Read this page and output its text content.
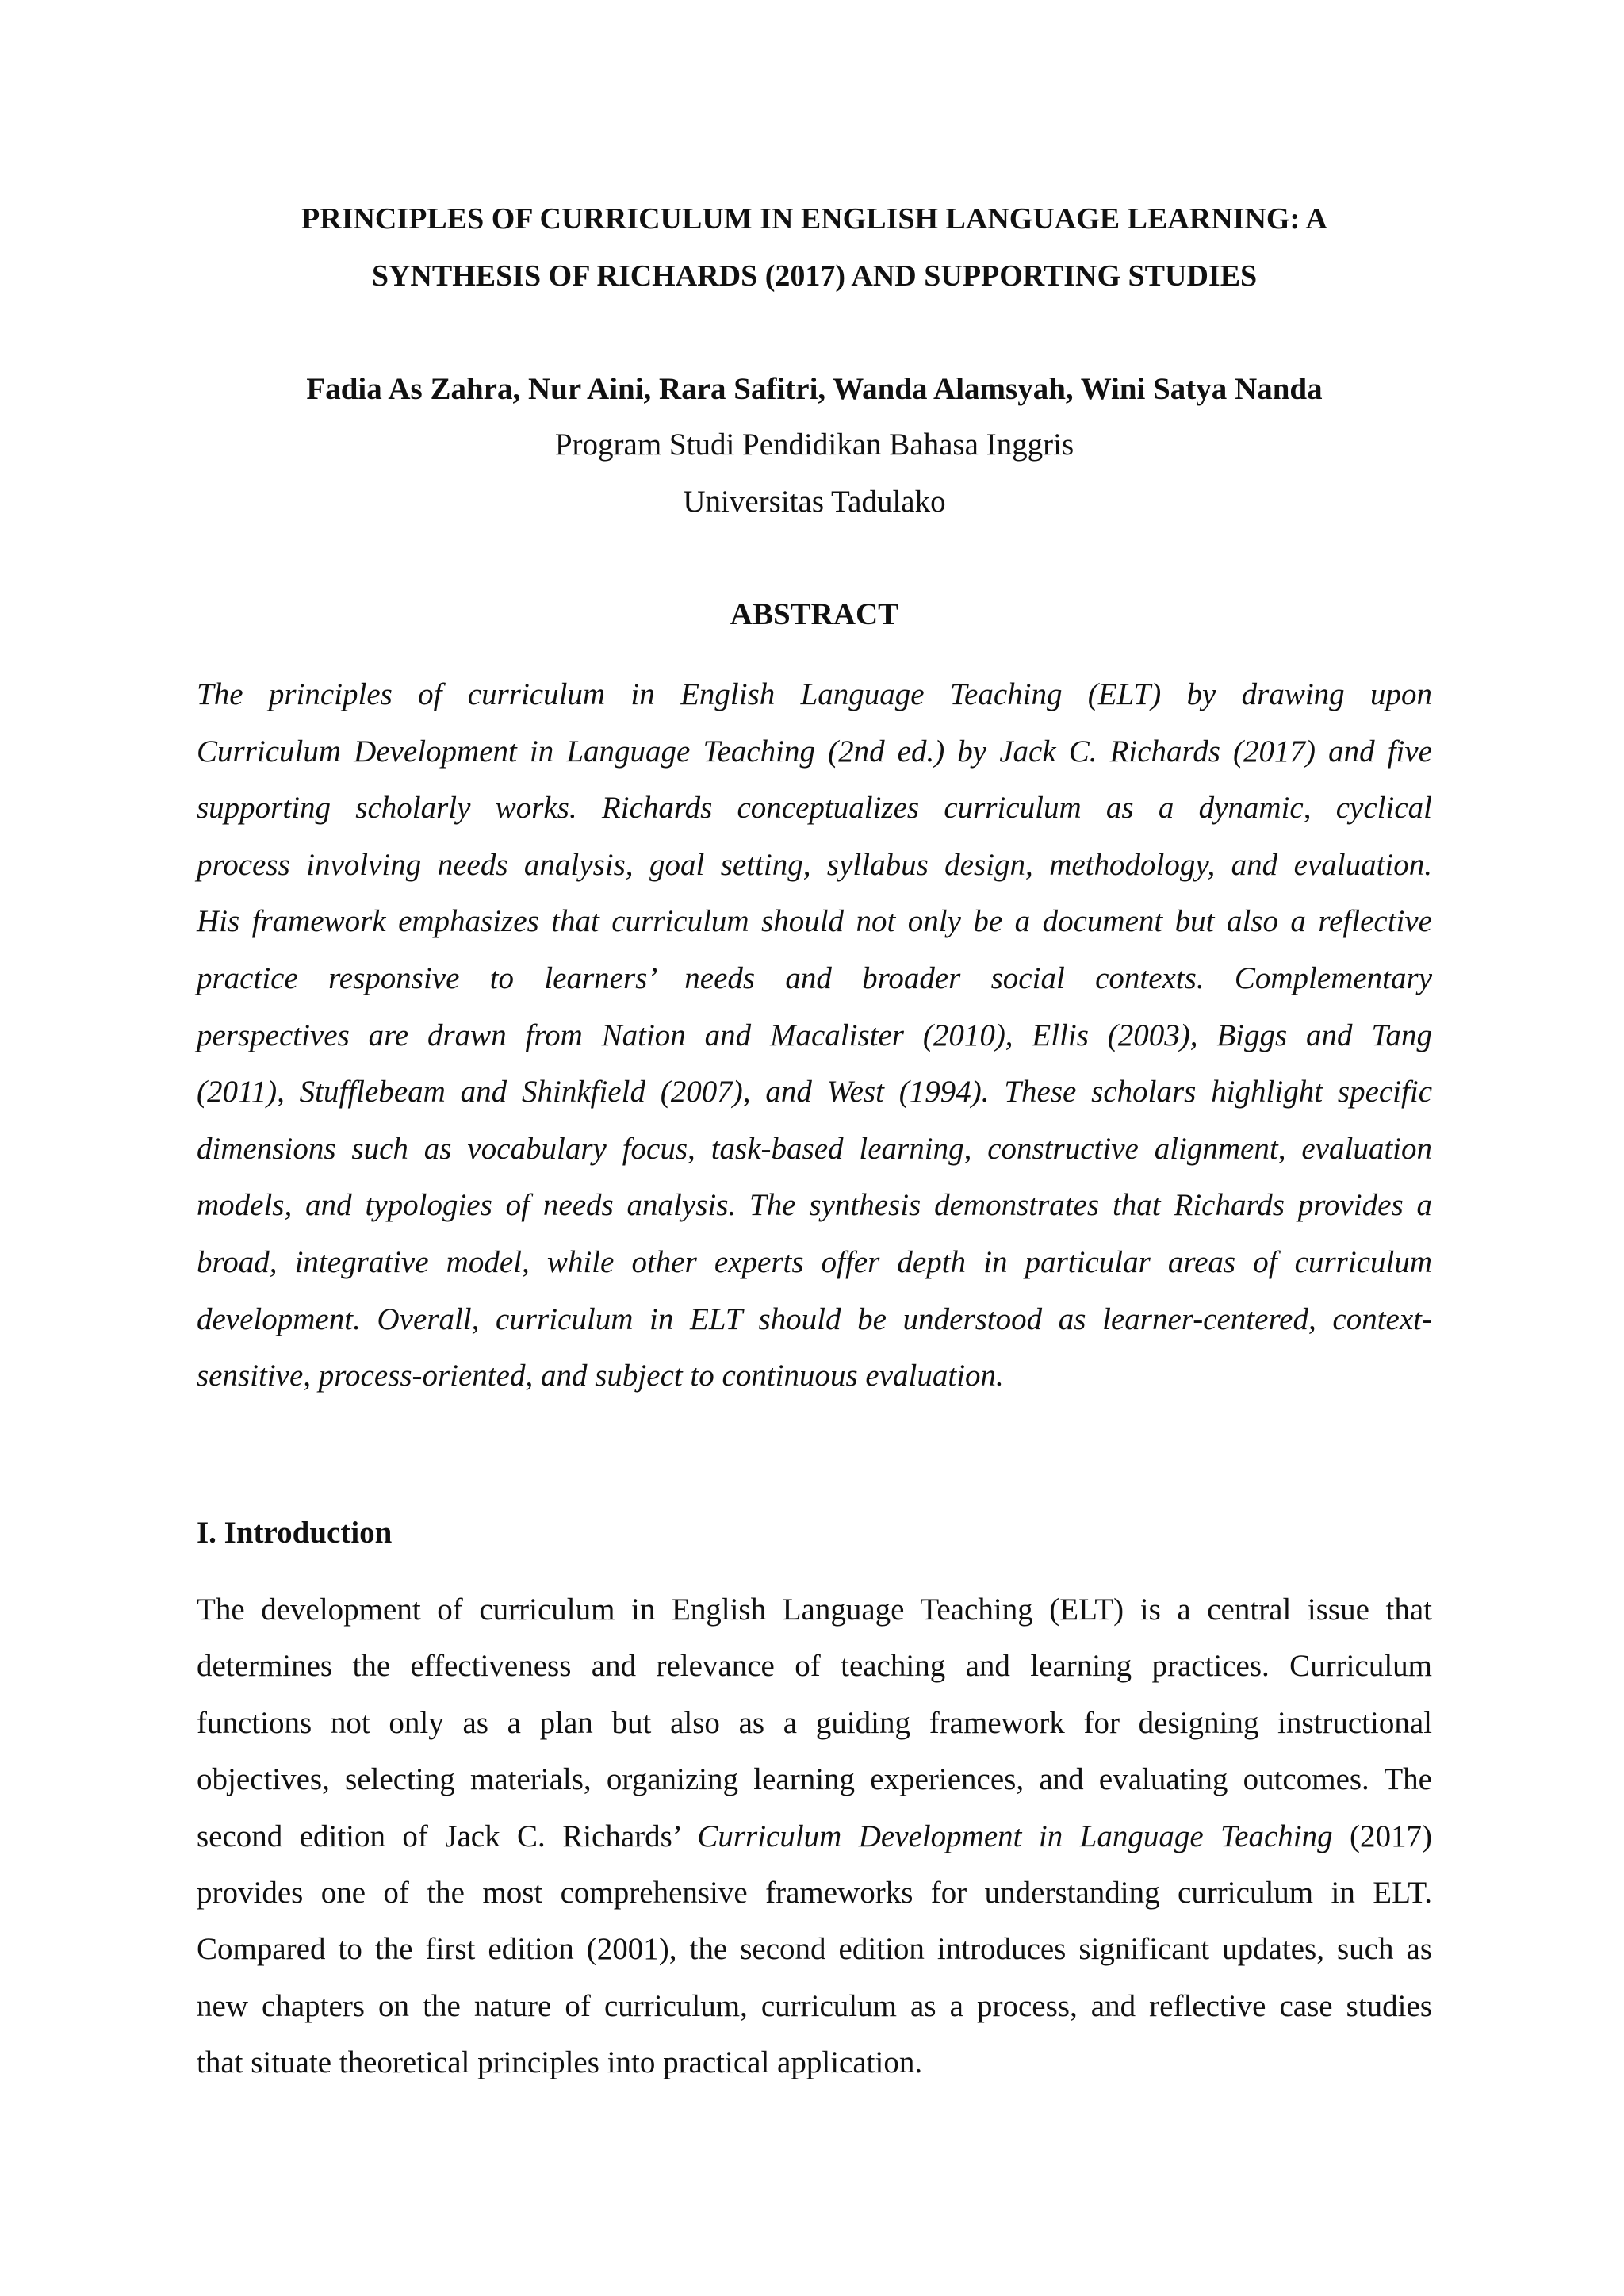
PRINCIPLES OF CURRICULUM IN ENGLISH LANGUAGE LEARNING: A
SYNTHESIS OF RICHARDS (2017) AND SUPPORTING STUDIES

Fadia As Zahra, Nur Aini, Rara Safitri, Wanda Alamsyah, Wini Satya Nanda

Program Studi Pendidikan Bahasa Inggris

Universitas Tadulako

ABSTRACT
The principles of curriculum in English Language Teaching (ELT) by drawing upon
Curriculum Development in Language Teaching (2nd ed.) by Jack C. Richards (2017) and five
supporting scholarly works. Richards conceptualizes curriculum as a dynamic, cyclical
process involving needs analysis, goal setting, syllabus design, methodology, and evaluation.
His framework emphasizes that curriculum should not only be a document but also a reflective
practice responsive to learners’ needs and broader social contexts. Complementary
perspectives are drawn from Nation and Macalister (2010), Ellis (2003), Biggs and Tang
(2011), Stufflebeam and Shinkfield (2007), and West (1994). These scholars highlight specific
dimensions such as vocabulary focus, task-based learning, constructive alignment, evaluation
models, and typologies of needs analysis. The synthesis demonstrates that Richards provides a
broad, integrative model, while other experts offer depth in particular areas of curriculum
development. Overall, curriculum in ELT should be understood as learner-centered, context-
sensitive, process-oriented, and subject to continuous evaluation.
I. Introduction
The development of curriculum in English Language Teaching (ELT) is a central issue that
determines the effectiveness and relevance of teaching and learning practices. Curriculum
functions not only as a plan but also as a guiding framework for designing instructional
objectives, selecting materials, organizing learning experiences, and evaluating outcomes. The
second edition of Jack C. Richards’ Curriculum Development in Language Teaching (2017)
provides one of the most comprehensive frameworks for understanding curriculum in ELT.
Compared to the first edition (2001), the second edition introduces significant updates, such as
new chapters on the nature of curriculum, curriculum as a process, and reflective case studies
that situate theoretical principles into practical application.
